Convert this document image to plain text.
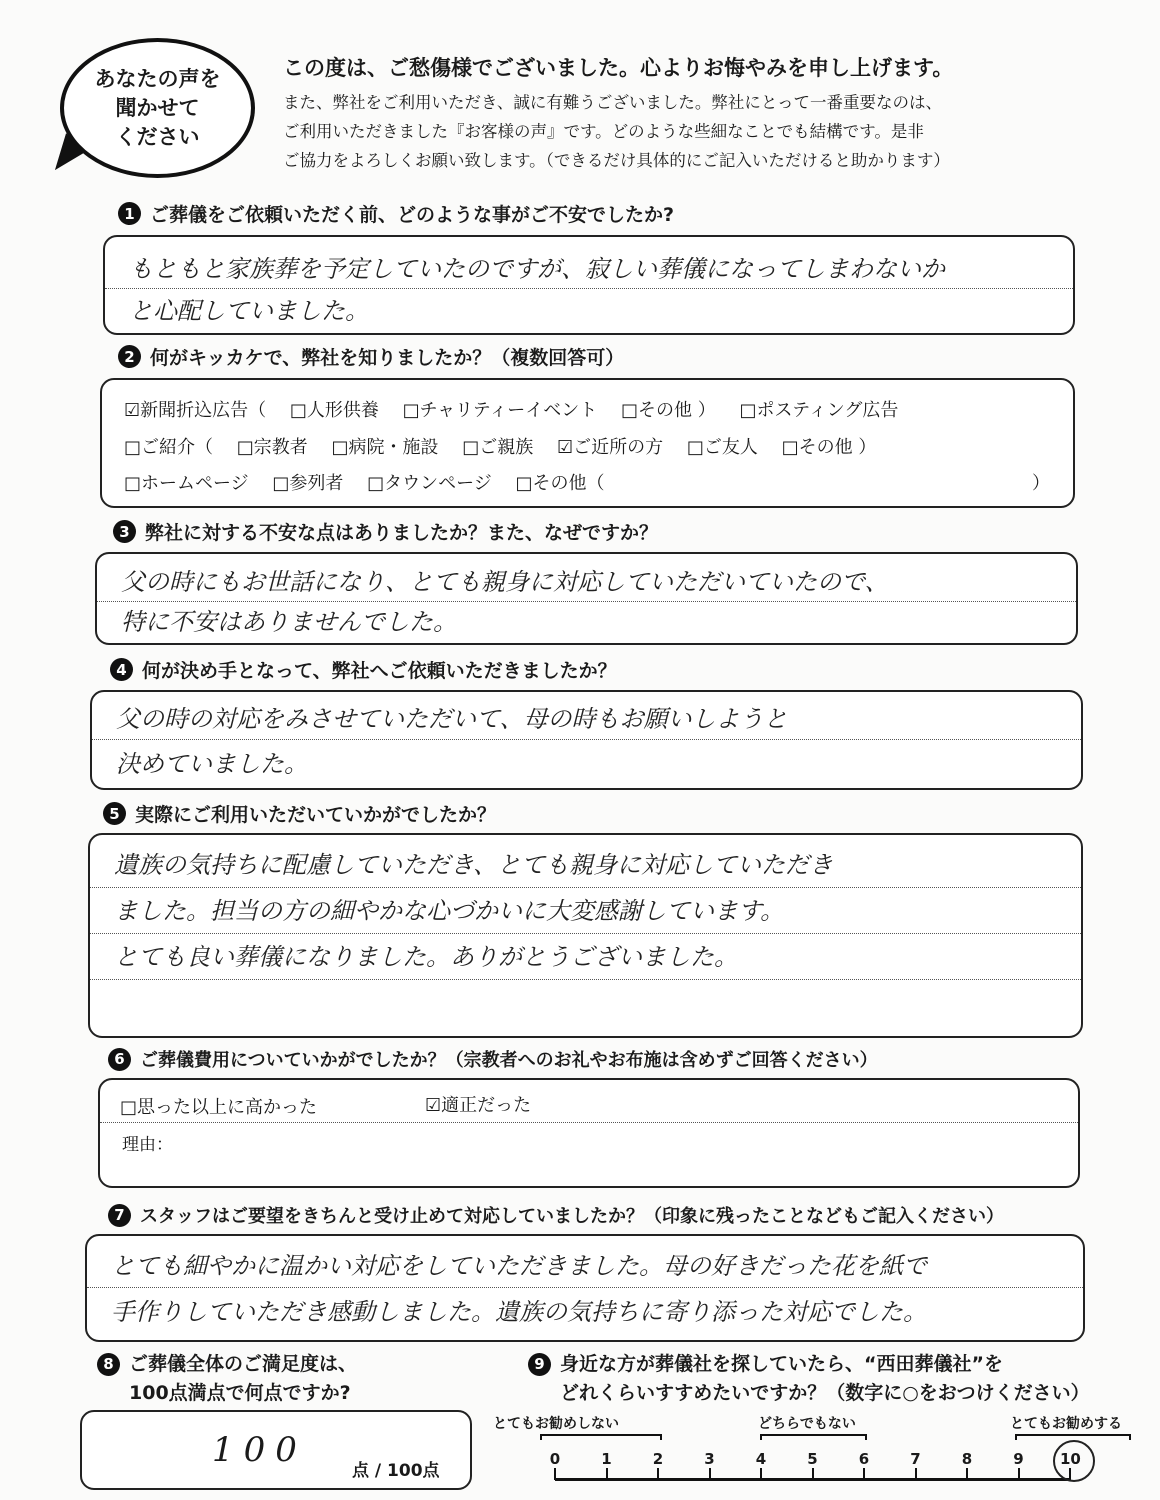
あなたの声を
聞かせて
ください
この度は、ご愁傷様でございました。心よりお悔やみを申し上げます。
また、弊社をご利用いただき、誠に有難うございました。弊社にとって一番重要なのは、
ご利用いただきました『お客様の声』です。どのような些細なことでも結構です。是非
ご協力をよろしくお願い致します。（できるだけ具体的にご記入いただけると助かります）
1 ご葬儀をご依頼いただく前、どのような事がご不安でしたか?
もともと家族葬を予定していたのですが、寂しい葬儀になってしまわないか
と心配していました。
2 何がキッカケで、弊社を知りましたか？（複数回答可）
☑新聞折込広告（ □人形供養 □チャリティーイベント □その他 ） □ポスティング広告
□ご紹介（ □宗教者 □病院・施設 □ご親族 ☑ご近所の方 □ご友人 □その他 ）
□ホームページ □参列者 □タウンページ □その他（	）
3 弊社に対する不安な点はありましたか？また、なぜですか？
父の時にもお世話になり、とても親身に対応していただいていたので、
特に不安はありませんでした。
4 何が決め手となって、弊社へご依頼いただきましたか？
父の時の対応をみさせていただいて、母の時もお願いしようと
決めていました。
5 実際にご利用いただいていかがでしたか？
遺族の気持ちに配慮していただき、とても親身に対応していただき
ました。担当の方の細やかな心づかいに大変感謝しています。
とても良い葬儀になりました。ありがとうございました。
6 ご葬儀費用についていかがでしたか？（宗教者へのお礼やお布施は含めずご回答ください）
□思った以上に高かった	☑適正だった
理由：
7 スタッフはご要望をきちんと受け止めて対応していましたか？（印象に残ったことなどもご記入ください）
とても細やかに温かい対応をしていただきました。母の好きだった花を紙で
手作りしていただき感動しました。遺族の気持ちに寄り添った対応でした。
8 ご葬儀全体のご満足度は、
100点満点で何点ですか?
100
点 / 100点
9 身近な方が葬儀社を探していたら、“西田葬儀社”を
どれくらいすすめたいですか？（数字に○をおつけください）
とてもお勧めしない	どちらでもない	とてもお勧めする
0	1	2	3	4	5	6	7	8	9	10
